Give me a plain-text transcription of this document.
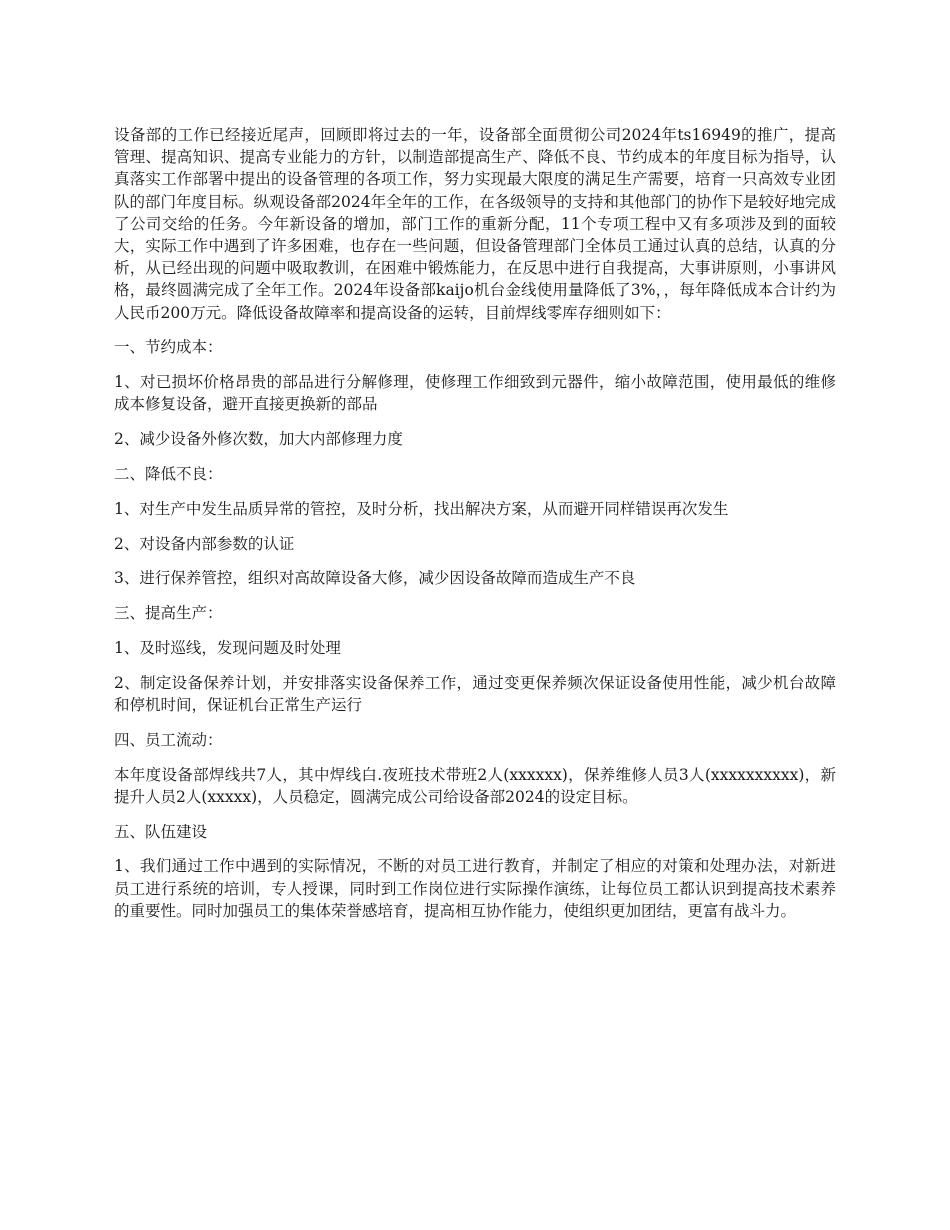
设备部的工作已经接近尾声，回顾即将过去的一年，设备部全面贯彻公司2024年ts16949的推广，提高管理、提高知识、提高专业能力的方针，以制造部提高生产、降低不良、节约成本的年度目标为指导，认真落实工作部署中提出的设备管理的各项工作，努力实现最大限度的满足生产需要，培育一只高效专业团队的部门年度目标。纵观设备部2024年全年的工作，在各级领导的支持和其他部门的协作下是较好地完成了公司交给的任务。今年新设备的增加，部门工作的重新分配，11个专项工程中又有多项涉及到的面较大，实际工作中遇到了许多困难，也存在一些问题，但设备管理部门全体员工通过认真的总结，认真的分析，从已经出现的问题中吸取教训，在困难中锻炼能力，在反思中进行自我提高，大事讲原则，小事讲风格，最终圆满完成了全年工作。2024年设备部kaijo机台金线使用量降低了3%，，每年降低成本合计约为人民币200万元。降低设备故障率和提高设备的运转，目前焊线零库存细则如下：

一、节约成本：

1、对已损坏价格昂贵的部品进行分解修理，使修理工作细致到元器件，缩小故障范围，使用最低的维修成本修复设备，避开直接更换新的部品

2、减少设备外修次数，加大内部修理力度

二、降低不良：

1、对生产中发生品质异常的管控，及时分析，找出解决方案，从而避开同样错误再次发生

2、对设备内部参数的认证

3、进行保养管控，组织对高故障设备大修，减少因设备故障而造成生产不良

三、提高生产：

1、及时巡线，发现问题及时处理

2、制定设备保养计划，并安排落实设备保养工作，通过变更保养频次保证设备使用性能，减少机台故障和停机时间，保证机台正常生产运行

四、员工流动：

本年度设备部焊线共7人，其中焊线白.夜班技术带班2人(xxxxxx)，保养维修人员3人(xxxxxxxxxx)，新提升人员2人(xxxxx)，人员稳定，圆满完成公司给设备部2024的设定目标。

五、队伍建设

1、我们通过工作中遇到的实际情况，不断的对员工进行教育，并制定了相应的对策和处理办法，对新进员工进行系统的培训，专人授课，同时到工作岗位进行实际操作演练，让每位员工都认识到提高技术素养的重要性。同时加强员工的集体荣誉感培育，提高相互协作能力，使组织更加团结，更富有战斗力。
